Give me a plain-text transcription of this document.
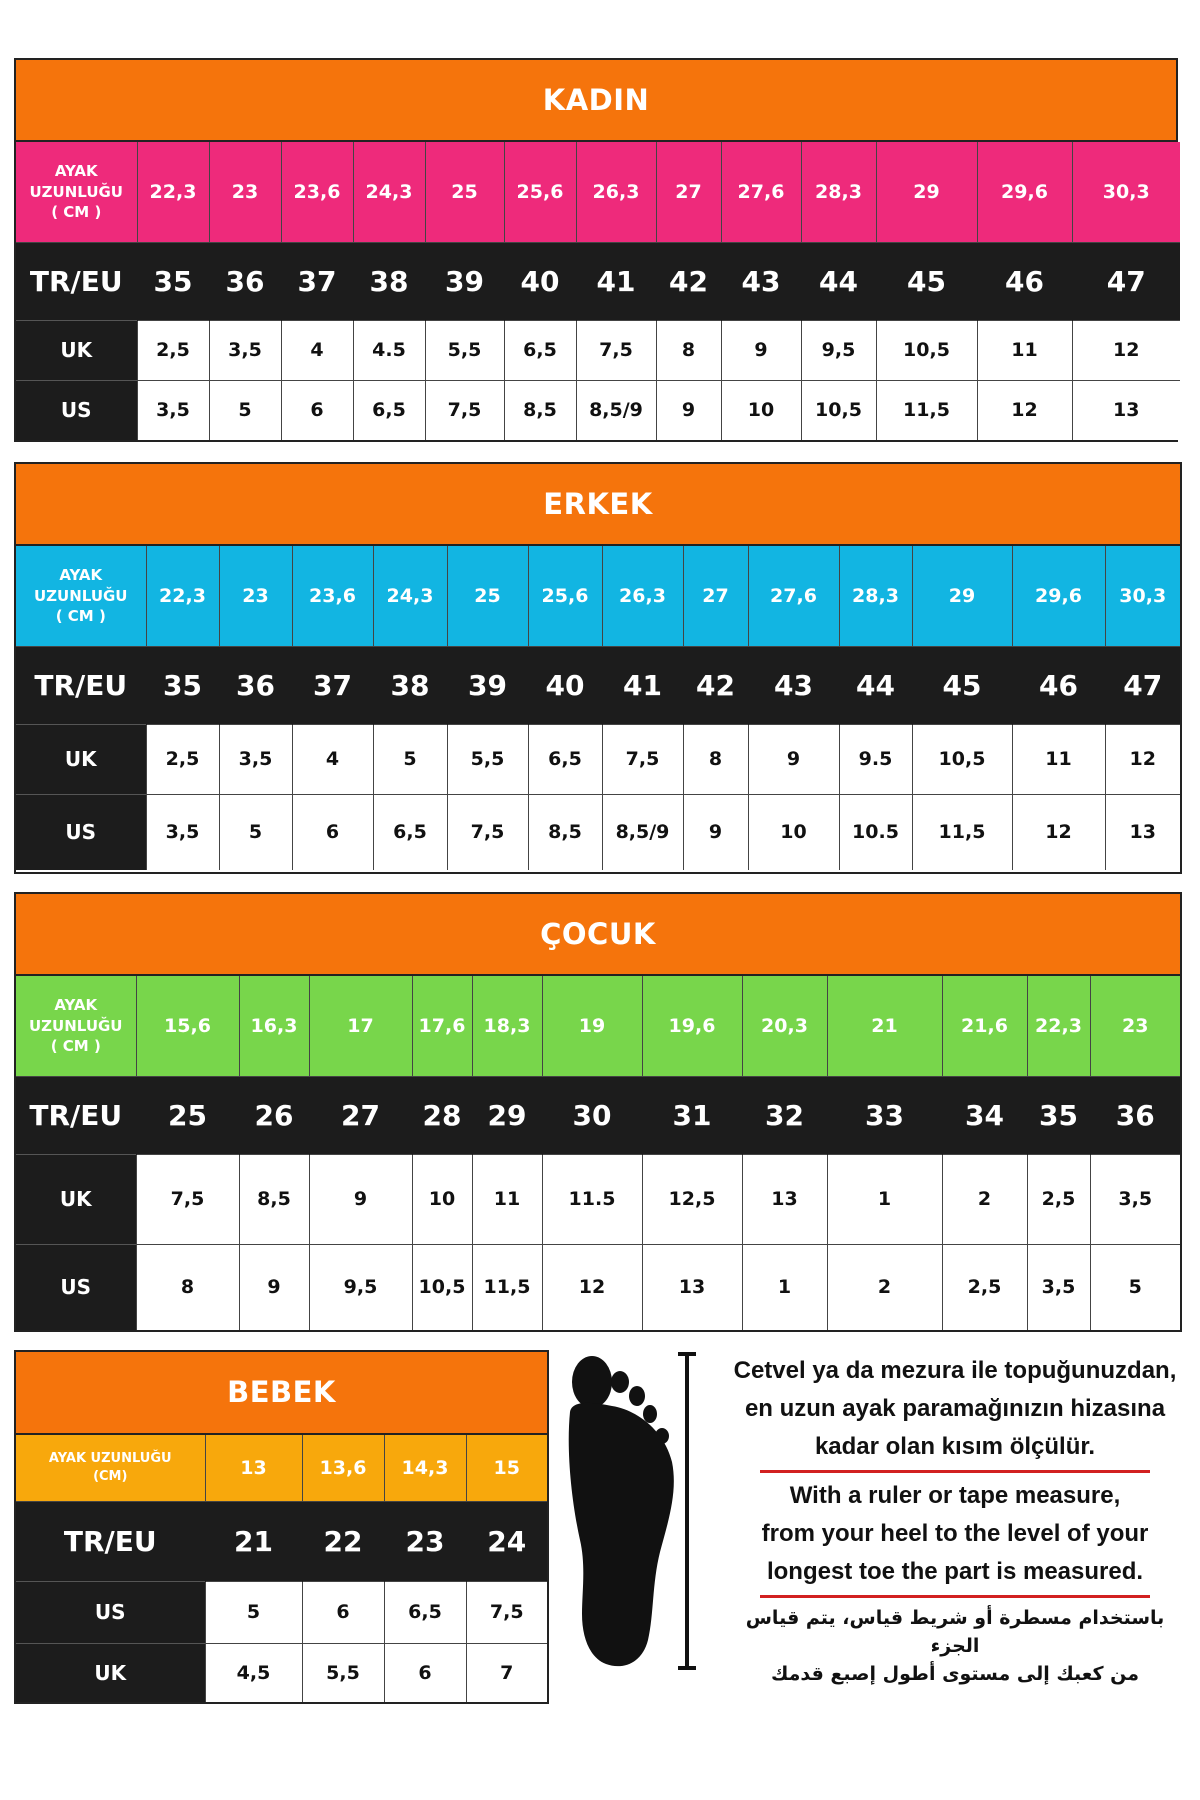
KADIN
AYAK
UZUNLUĞU
( CM )	22,3	23	23,6	24,3	25	25,6	26,3	27	27,6	28,3	29	29,6	30,3
TR/EU	35	36	37	38	39	40	41	42	43	44	45	46	47
UK	2,5	3,5	4	4.5	5,5	6,5	7,5	8	9	9,5	10,5	11	12
US	3,5	5	6	6,5	7,5	8,5	8,5/9	9	10	10,5	11,5	12	13
ERKEK
AYAK
UZUNLUĞU
( CM )	22,3	23	23,6	24,3	25	25,6	26,3	27	27,6	28,3	29	29,6	30,3
TR/EU	35	36	37	38	39	40	41	42	43	44	45	46	47
UK	2,5	3,5	4	5	5,5	6,5	7,5	8	9	9.5	10,5	11	12
US	3,5	5	6	6,5	7,5	8,5	8,5/9	9	10	10.5	11,5	12	13
ÇOCUK
AYAK
UZUNLUĞU
( CM )	15,6	16,3	17	17,6	18,3	19	19,6	20,3	21	21,6	22,3	23
TR/EU	25	26	27	28	29	30	31	32	33	34	35	36
UK	7,5	8,5	9	10	11	11.5	12,5	13	1	2	2,5	3,5
US	8	9	9,5	10,5	11,5	12	13	1	2	2,5	3,5	5
BEBEK
AYAK UZUNLUĞU
(CM)	13	13,6	14,3	15
TR/EU	21	22	23	24
US	5	6	6,5	7,5
UK	4,5	5,5	6	7
Cetvel ya da mezura ile topuğunuzdan,
en uzun ayak paramağınızın hizasına
kadar olan kısım ölçülür.
With a ruler or tape measure,
from your heel to the level of your
longest toe the part is measured.
باستخدام مسطرة أو شريط قياس، يتم قياس الجزء
من كعبك إلى مستوى أطول إصبع قدمك
